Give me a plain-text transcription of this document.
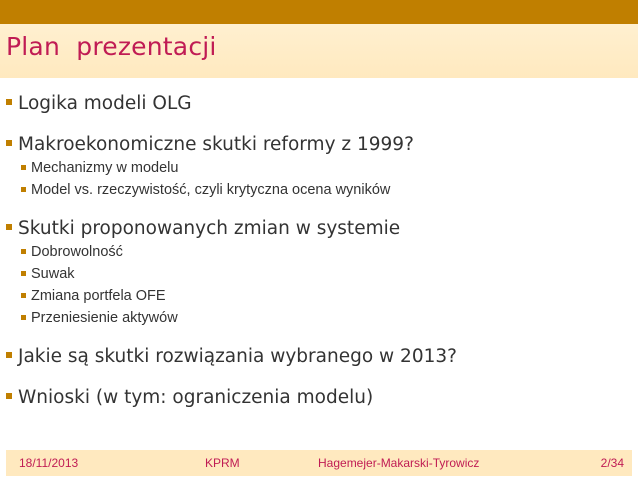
Plan  prezentacji
Logika modeli OLG
Makroekonomiczne skutki reformy z 1999?
Mechanizmy w modelu
Model vs. rzeczywistość, czyli krytyczna ocena wyników
Skutki proponowanych zmian w systemie
Dobrowolność
Suwak
Zmiana portfela OFE
Przeniesienie aktywów
Jakie są skutki rozwiązania wybranego w 2013?
Wnioski (w tym: ograniczenia modelu)
18/11/2013	KPRM	Hagemejer-Makarski-Tyrowicz	2/34
